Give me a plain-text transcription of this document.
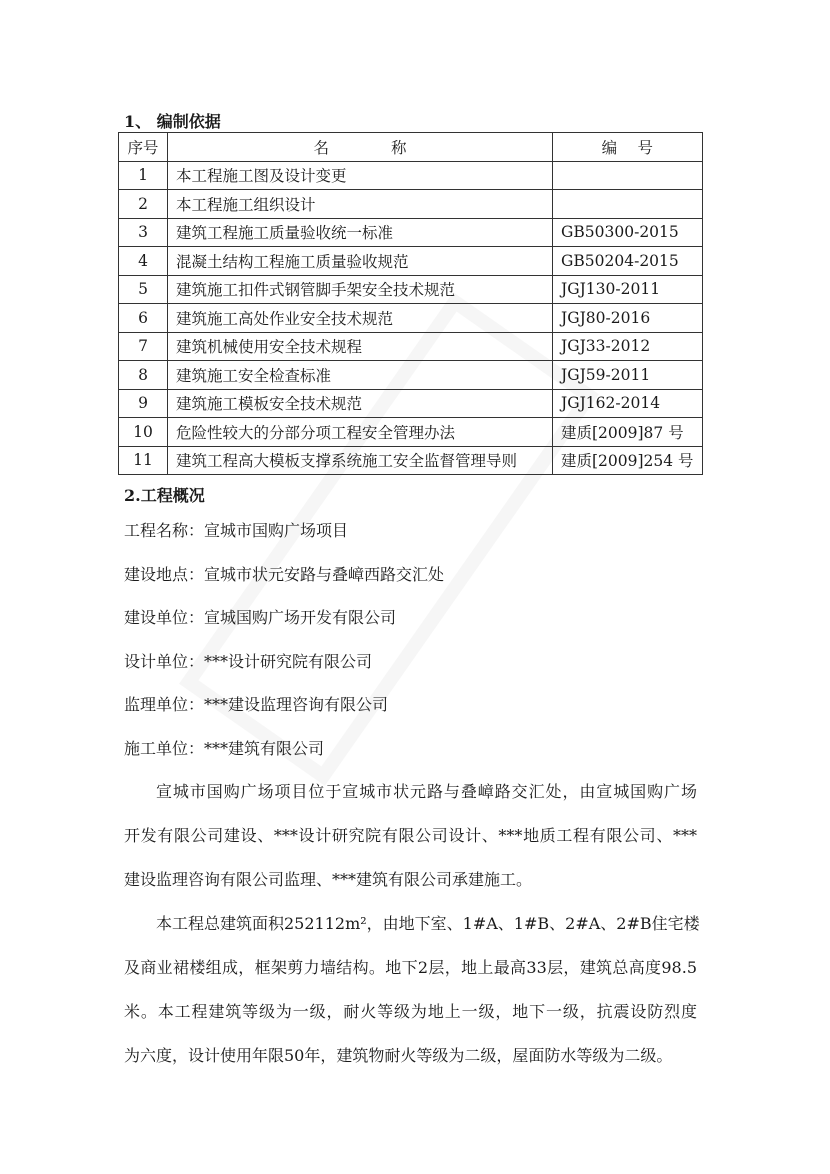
1、 编制依据
序号	名　　　　称	编　 号
1	本工程施工图及设计变更	
2	本工程施工组织设计	
3	建筑工程施工质量验收统一标准	GB50300-2015
4	混凝土结构工程施工质量验收规范	GB50204-2015
5	建筑施工扣件式钢管脚手架安全技术规范	JGJ130-2011
6	建筑施工高处作业安全技术规范	JGJ80-2016
7	建筑机械使用安全技术规程	JGJ33-2012
8	建筑施工安全检查标准	JGJ59-2011
9	建筑施工模板安全技术规范	JGJ162-2014
10	危险性较大的分部分项工程安全管理办法	建质[2009]87 号
11	建筑工程高大模板支撑系统施工安全监督管理导则	建质[2009]254 号
2.工程概况
工程名称：宣城市国购广场项目
建设地点：宣城市状元安路与叠嶂西路交汇处
建设单位：宣城国购广场开发有限公司
设计单位：***设计研究院有限公司
监理单位：***建设监理咨询有限公司
施工单位：***建筑有限公司
宣城市国购广场项目位于宣城市状元路与叠嶂路交汇处，由宣城国购广场
开发有限公司建设、***设计研究院有限公司设计、***地质工程有限公司、***
建设监理咨询有限公司监理、***建筑有限公司承建施工。
本工程总建筑面积252112m²，由地下室、1#A、1#B、2#A、2#B住宅楼
及商业裙楼组成，框架剪力墙结构。地下2层，地上最高33层，建筑总高度98.5
米。本工程建筑等级为一级，耐火等级为地上一级，地下一级，抗震设防烈度
为六度，设计使用年限50年，建筑物耐火等级为二级，屋面防水等级为二级。
